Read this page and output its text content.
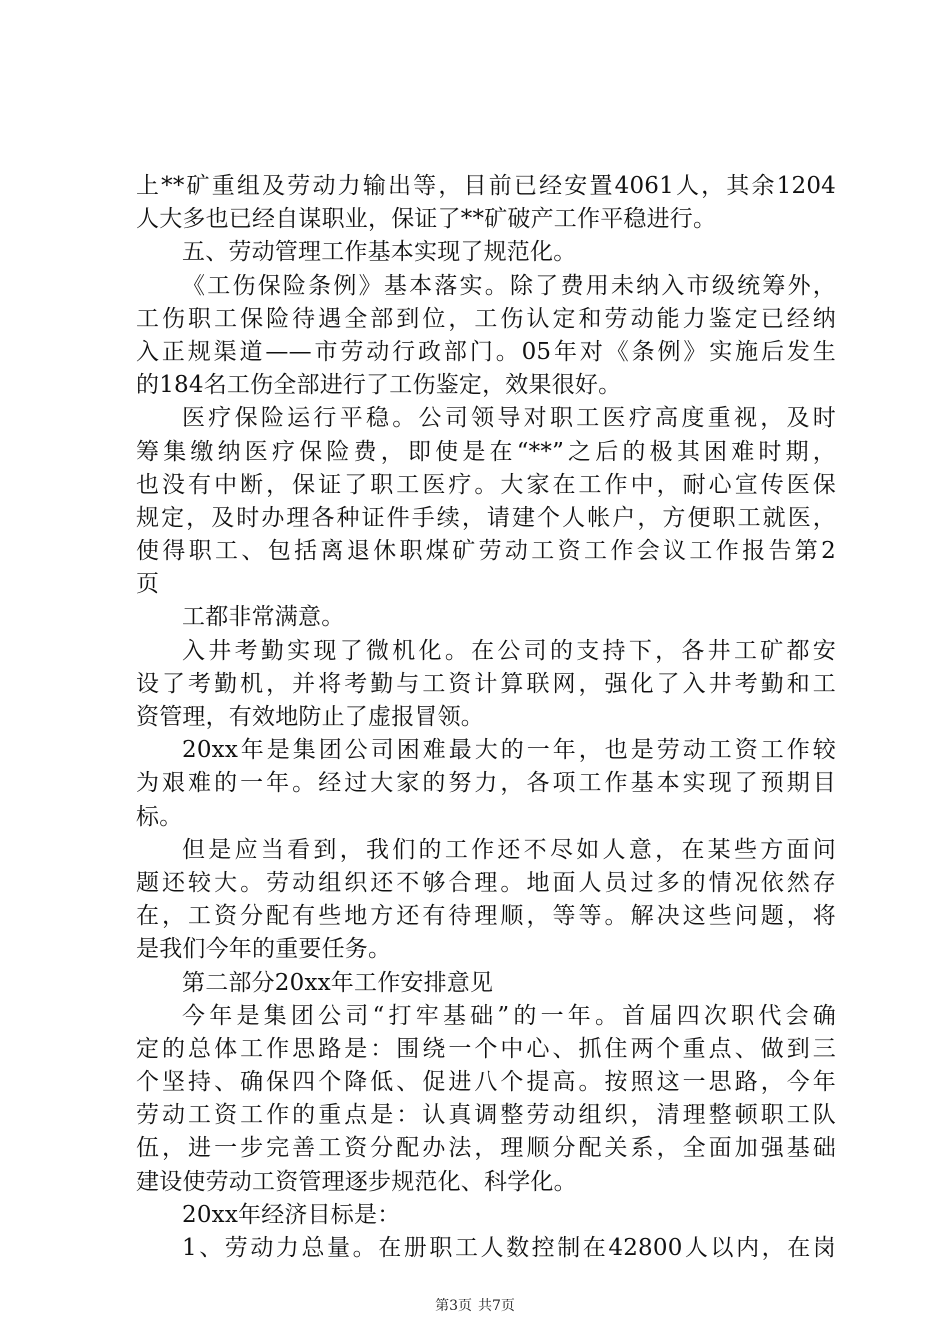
上**矿重组及劳动力输出等，目前已经安置4061人，其余1204
人大多也已经自谋职业，保证了**矿破产工作平稳进行。
五、劳动管理工作基本实现了规范化。
《工伤保险条例》基本落实。除了费用未纳入市级统筹外，
工伤职工保险待遇全部到位，工伤认定和劳动能力鉴定已经纳
入正规渠道——市劳动行政部门。05年对《条例》实施后发生
的184名工伤全部进行了工伤鉴定，效果很好。
医疗保险运行平稳。公司领导对职工医疗高度重视，及时
筹集缴纳医疗保险费，即使是在“**”之后的极其困难时期，
也没有中断，保证了职工医疗。大家在工作中，耐心宣传医保
规定，及时办理各种证件手续，请建个人帐户，方便职工就医，
使得职工、包括离退休职煤矿劳动工资工作会议工作报告第2
页
工都非常满意。
入井考勤实现了微机化。在公司的支持下，各井工矿都安
设了考勤机，并将考勤与工资计算联网，强化了入井考勤和工
资管理，有效地防止了虚报冒领。
20xx年是集团公司困难最大的一年，也是劳动工资工作较
为艰难的一年。经过大家的努力，各项工作基本实现了预期目
标。
但是应当看到，我们的工作还不尽如人意，在某些方面问
题还较大。劳动组织还不够合理。地面人员过多的情况依然存
在，工资分配有些地方还有待理顺，等等。解决这些问题，将
是我们今年的重要任务。
第二部分20xx年工作安排意见
今年是集团公司“打牢基础”的一年。首届四次职代会确
定的总体工作思路是：围绕一个中心、抓住两个重点、做到三
个坚持、确保四个降低、促进八个提高。按照这一思路，今年
劳动工资工作的重点是：认真调整劳动组织，清理整顿职工队
伍，进一步完善工资分配办法，理顺分配关系，全面加强基础
建设使劳动工资管理逐步规范化、科学化。
20xx年经济目标是：
1、劳动力总量。在册职工人数控制在42800人以内，在岗
第3页 共7页
